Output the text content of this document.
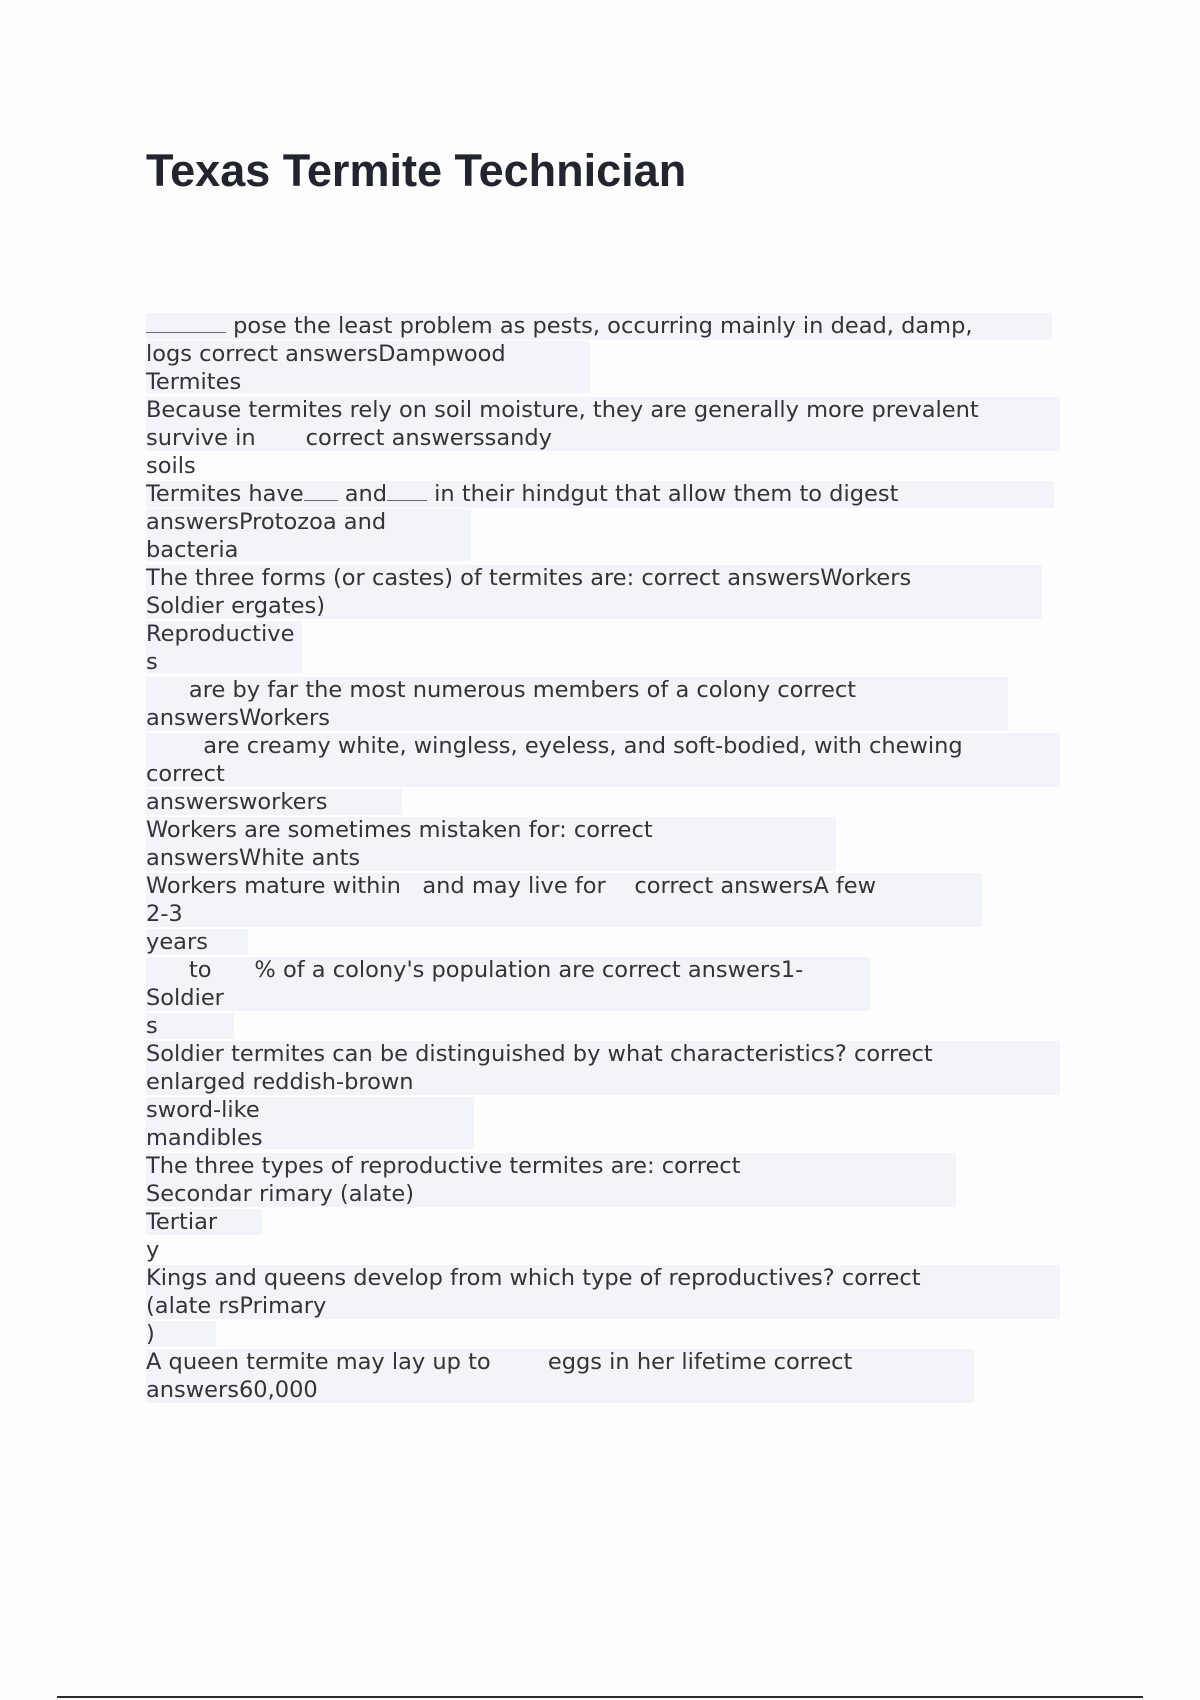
Texas Termite Technician
pose the least problem as pests, occurring mainly in dead, damp,
logs correct answersDampwood
Termites
Because termites rely on soil moisture, they are generally more prevalent
survive in       correct answerssandy
soils
Termites have and in their hindgut that allow them to digest
answersProtozoa and
bacteria
The three forms (or castes) of termites are: correct answersWorkers
Soldier ergates)
Reproductive
s
are by far the most numerous members of a colony correct
answersWorkers
are creamy white, wingless, eyeless, and soft-bodied, with chewing
correct
answersworkers
Workers are sometimes mistaken for: correct
answersWhite ants
Workers mature within   and may live for    correct answersA few
2-3
years
to      % of a colony's population are correct answers1-
Soldier
s
Soldier termites can be distinguished by what characteristics? correct
enlarged reddish-brown
sword-like
mandibles
The three types of reproductive termites are: correct
Secondar rimary (alate)
Tertiar
y
Kings and queens develop from which type of reproductives? correct
(alate rsPrimary
)
A queen termite may lay up to        eggs in her lifetime correct
answers60,000
